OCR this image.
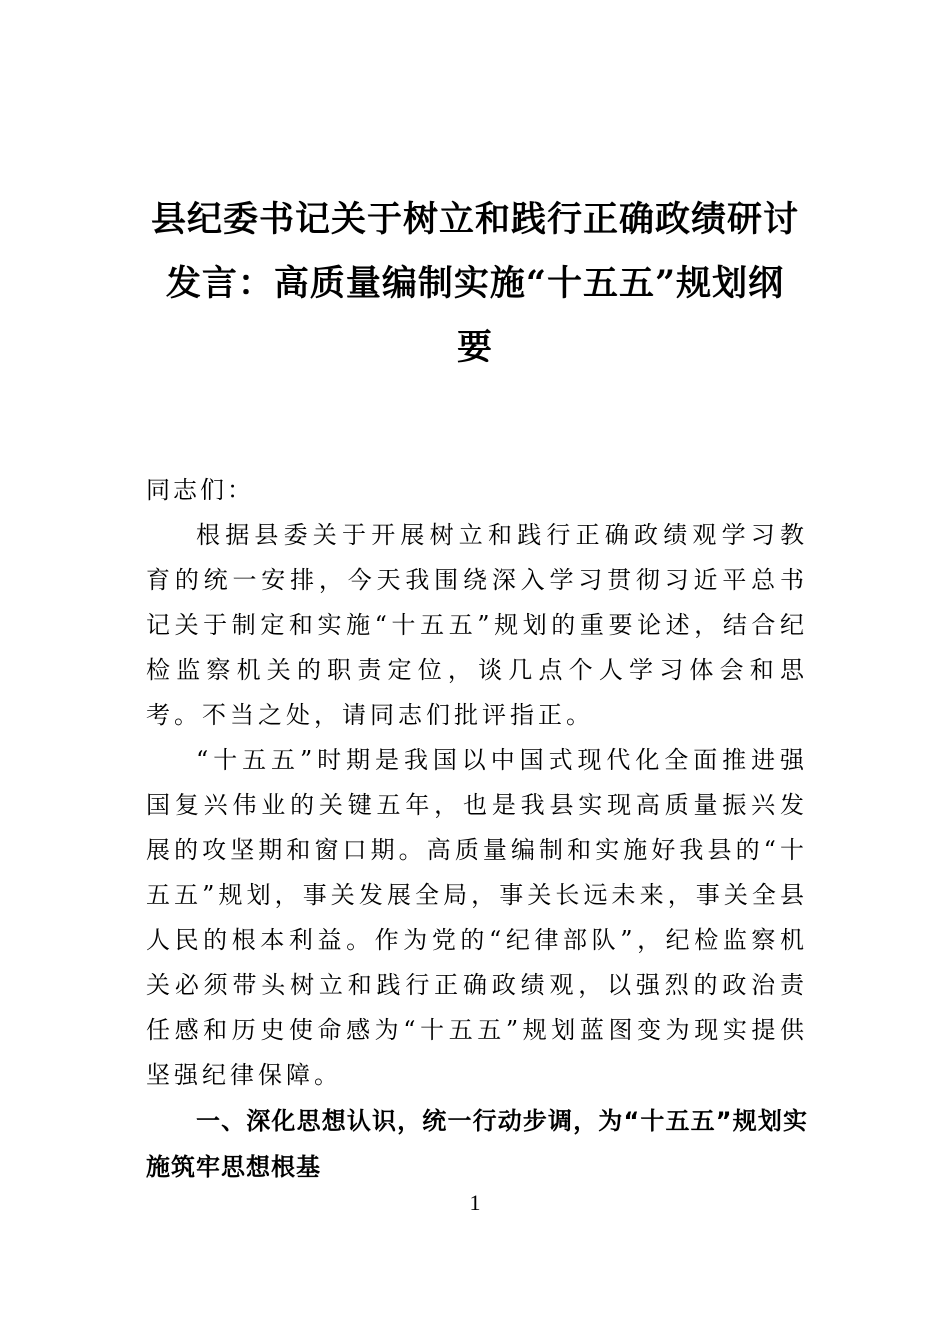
县纪委书记关于树立和践行正确政绩研讨
发言：高质量编制实施“十五五”规划纲
要

同志们：

根据县委关于开展树立和践行正确政绩观学习教育的统一安排，今天我围绕深入学习贯彻习近平总书记关于制定和实施“十五五”规划的重要论述，结合纪检监察机关的职责定位，谈几点个人学习体会和思考。不当之处，请同志们批评指正。

“十五五”时期是我国以中国式现代化全面推进强国复兴伟业的关键五年，也是我县实现高质量振兴发展的攻坚期和窗口期。高质量编制和实施好我县的“十五五”规划，事关发展全局，事关长远未来，事关全县人民的根本利益。作为党的“纪律部队”，纪检监察机关必须带头树立和践行正确政绩观，以强烈的政治责任感和历史使命感为“十五五”规划蓝图变为现实提供坚强纪律保障。

一、深化思想认识，统一行动步调，为“十五五”规划实施筑牢思想根基

1
